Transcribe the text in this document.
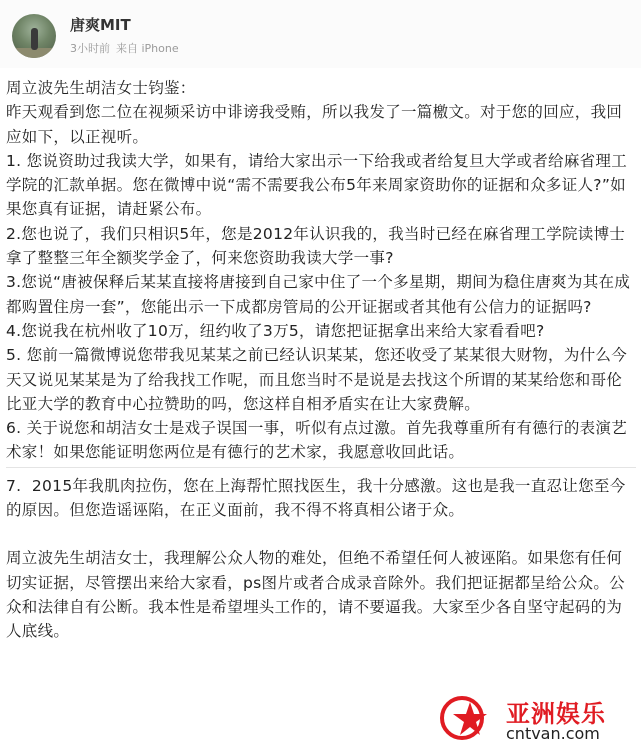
唐爽MIT
3小时前 来自 iPhone

周立波先生胡洁女士钧鉴：

昨天观看到您二位在视频采访中诽谤我受贿，所以我发了一篇檄文。对于您的回应，我回应如下，以正视听。

1. 您说资助过我读大学，如果有，请给大家出示一下给我或者给复旦大学或者给麻省理工学院的汇款单据。您在微博中说“需不需要我公布5年来周家资助你的证据和众多证人?”如果您真有证据，请赶紧公布。

2.您也说了，我们只相识5年，您是2012年认识我的，我当时已经在麻省理工学院读博士拿了整整三年全额奖学金了，何来您资助我读大学一事?

3.您说“唐被保释后某某直接将唐接到自己家中住了一个多星期，期间为稳住唐爽为其在成都购置住房一套”，您能出示一下成都房管局的公开证据或者其他有公信力的证据吗?

4.您说我在杭州收了10万，纽约收了3万5，请您把证据拿出来给大家看看吧?

5. 您前一篇微博说您带我见某某之前已经认识某某，您还收受了某某很大财物，为什么今天又说见某某是为了给我找工作呢，而且您当时不是说是去找这个所谓的某某给您和哥伦比亚大学的教育中心拉赞助的吗，您这样自相矛盾实在让大家费解。

6. 关于说您和胡洁女士是戏子误国一事，听似有点过激。首先我尊重所有有德行的表演艺术家！如果您能证明您两位是有德行的艺术家，我愿意收回此话。

7.  2015年我肌肉拉伤，您在上海帮忙照找医生，我十分感激。这也是我一直忍让您至今的原因。但您造谣诬陷，在正义面前，我不得不将真相公诸于众。

周立波先生胡洁女士，我理解公众人物的难处，但绝不希望任何人被诬陷。如果您有任何切实证据，尽管摆出来给大家看，ps图片或者合成录音除外。我们把证据都呈给公众。公众和法律自有公断。我本性是希望埋头工作的，请不要逼我。大家至少各自坚守起码的为人底线。

亚洲娱乐
cntvan.com
